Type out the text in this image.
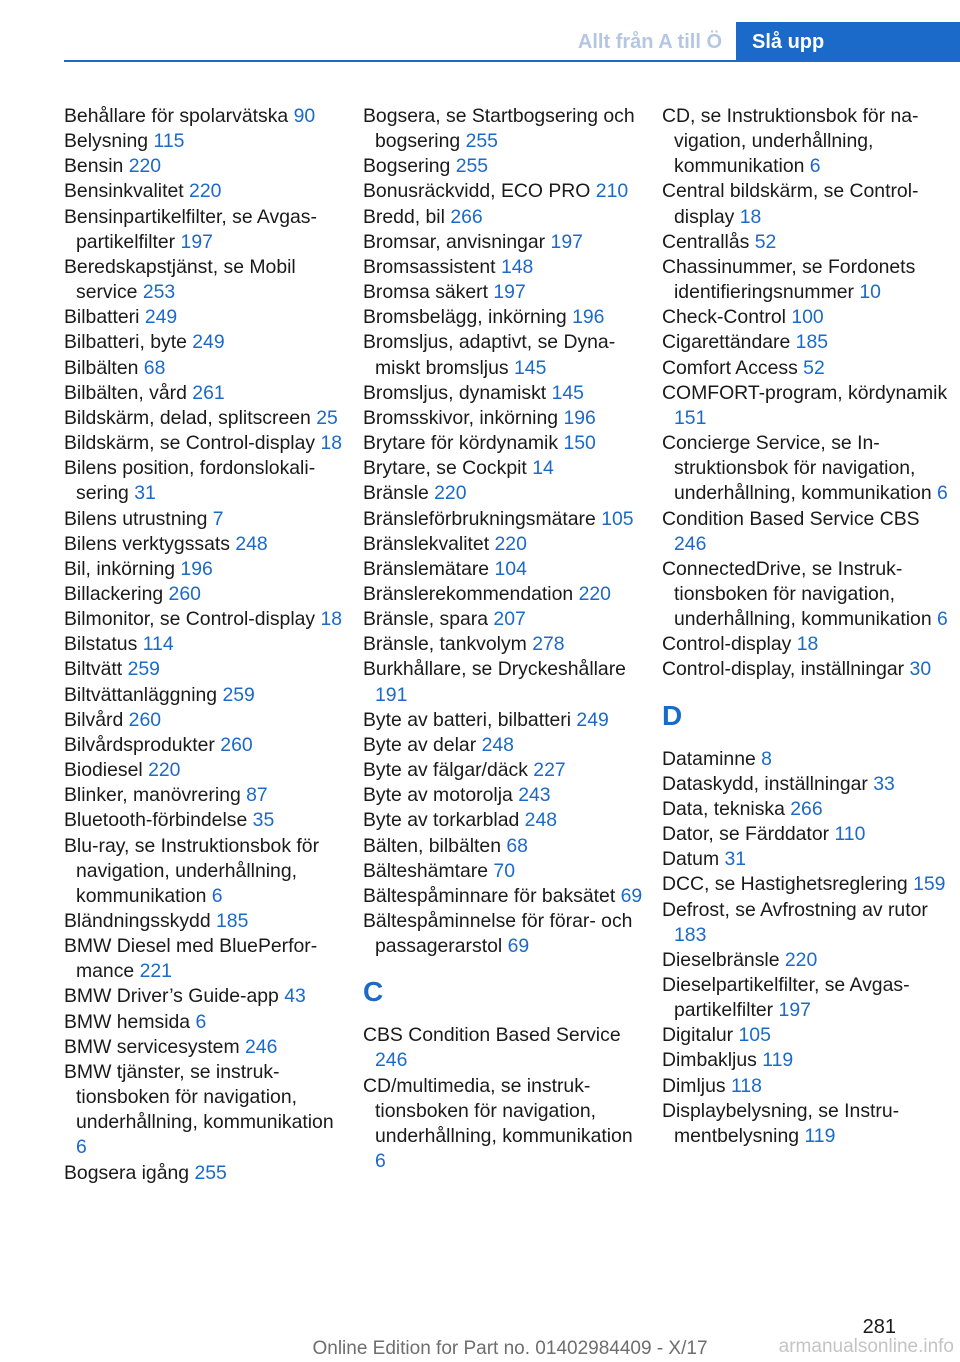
Allt från A till Ö	Slå upp
Behållare för spolarvätska 90
Belysning 115
Bensin 220
Bensinkvalitet 220
Bensinpartikelfilter, se Avgaspartikelfilter 197
Beredskapstjänst, se Mobil service 253
Bilbatteri 249
Bilbatteri, byte 249
Bilbälten 68
Bilbälten, vård 261
Bildskärm, delad, splitscreen 25
Bildskärm, se Control-display 18
Bilens position, fordonslokalisering 31
Bilens utrustning 7
Bilens verktygssats 248
Bil, inkörning 196
Billackering 260
Bilmonitor, se Control-display 18
Bilstatus 114
Biltvätt 259
Biltvättanläggning 259
Bilvård 260
Bilvårdsprodukter 260
Biodiesel 220
Blinker, manövrering 87
Bluetooth-förbindelse 35
Blu-ray, se Instruktionsbok för navigation, underhållning, kommunikation 6
Bländningsskydd 185
BMW Diesel med BluePerformance 221
BMW Driver’s Guide-app 43
BMW hemsida 6
BMW servicesystem 246
BMW tjänster, se instruktionsboken för navigation, underhållning, kommunikation 6
Bogsera igång 255
Bogsera, se Startbogsering och bogsering 255
Bogsering 255
Bonusräckvidd, ECO PRO 210
Bredd, bil 266
Bromsar, anvisningar 197
Bromsassistent 148
Bromsa säkert 197
Bromsbelägg, inkörning 196
Bromsljus, adaptivt, se Dynamiskt bromsljus 145
Bromsljus, dynamiskt 145
Bromsskivor, inkörning 196
Brytare för kördynamik 150
Brytare, se Cockpit 14
Bränsle 220
Bränsleförbrukningsmätare 105
Bränslekvalitet 220
Bränslemätare 104
Bränslerekommendation 220
Bränsle, spara 207
Bränsle, tankvolym 278
Burkhållare, se Dryckeshållare 191
Byte av batteri, bilbatteri 249
Byte av delar 248
Byte av fälgar/däck 227
Byte av motorolja 243
Byte av torkarblad 248
Bälten, bilbälten 68
Bälteshämtare 70
Bältespåminnare för baksätet 69
Bältespåminnelse för förar- och passagerarstol 69
C
CBS Condition Based Service 246
CD/multimedia, se instruktionsboken för navigation, underhållning, kommunikation 6
CD, se Instruktionsbok för navigation, underhållning, kommunikation 6
Central bildskärm, se Control-display 18
Centrallås 52
Chassinummer, se Fordonets identifieringsnummer 10
Check-Control 100
Cigarettändare 185
Comfort Access 52
COMFORT-program, kördynamik 151
Concierge Service, se Instruktionsbok för navigation, underhållning, kommunikation 6
Condition Based Service CBS 246
ConnectedDrive, se Instruktionsboken för navigation, underhållning, kommunikation 6
Control-display 18
Control-display, inställningar 30
D
Dataminne 8
Dataskydd, inställningar 33
Data, tekniska 266
Dator, se Färddator 110
Datum 31
DCC, se Hastighetsreglering 159
Defrost, se Avfrostning av rutor 183
Dieselbränsle 220
Dieselpartikelfilter, se Avgaspartikelfilter 197
Digitalur 105
Dimbakljus 119
Dimljus 118
Displaybelysning, se Instrumentbelysning 119
281
Online Edition for Part no. 01402984409 - X/17	armanualsonline.info
